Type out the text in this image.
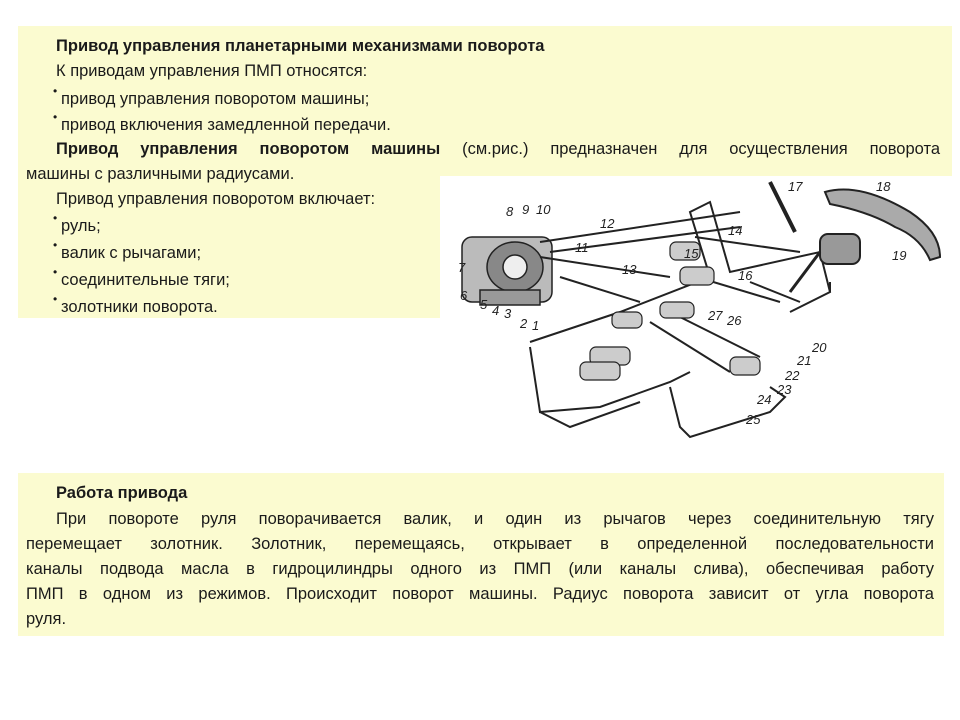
Привод управления планетарными механизмами поворота
К приводам управления ПМП относятся:
• привод управления поворотом машины;
• привод включения замедленной передачи.
Привод управления поворотом машины (см.рис.) предназначен для осуществления поворота
машины с различными радиусами.
Привод управления поворотом включает:
• руль;
• валик с рычагами;
• соединительные тяги;
• золотники поворота.
8 9 10
11
12
13
14
15
16
17	18
19
20
21
22
23
24
25
26
27
1
2
3
4
5
6
7
Работа привода
При повороте руля поворачивается валик, и один из рычагов через соединительную тягу
перемещает золотник. Золотник, перемещаясь, открывает в определенной последовательности
каналы подвода масла в гидроцилиндры одного из ПМП (или каналы слива), обеспечивая работу
ПМП в одном из режимов. Происходит поворот машины. Радиус поворота зависит от угла поворота
руля.
